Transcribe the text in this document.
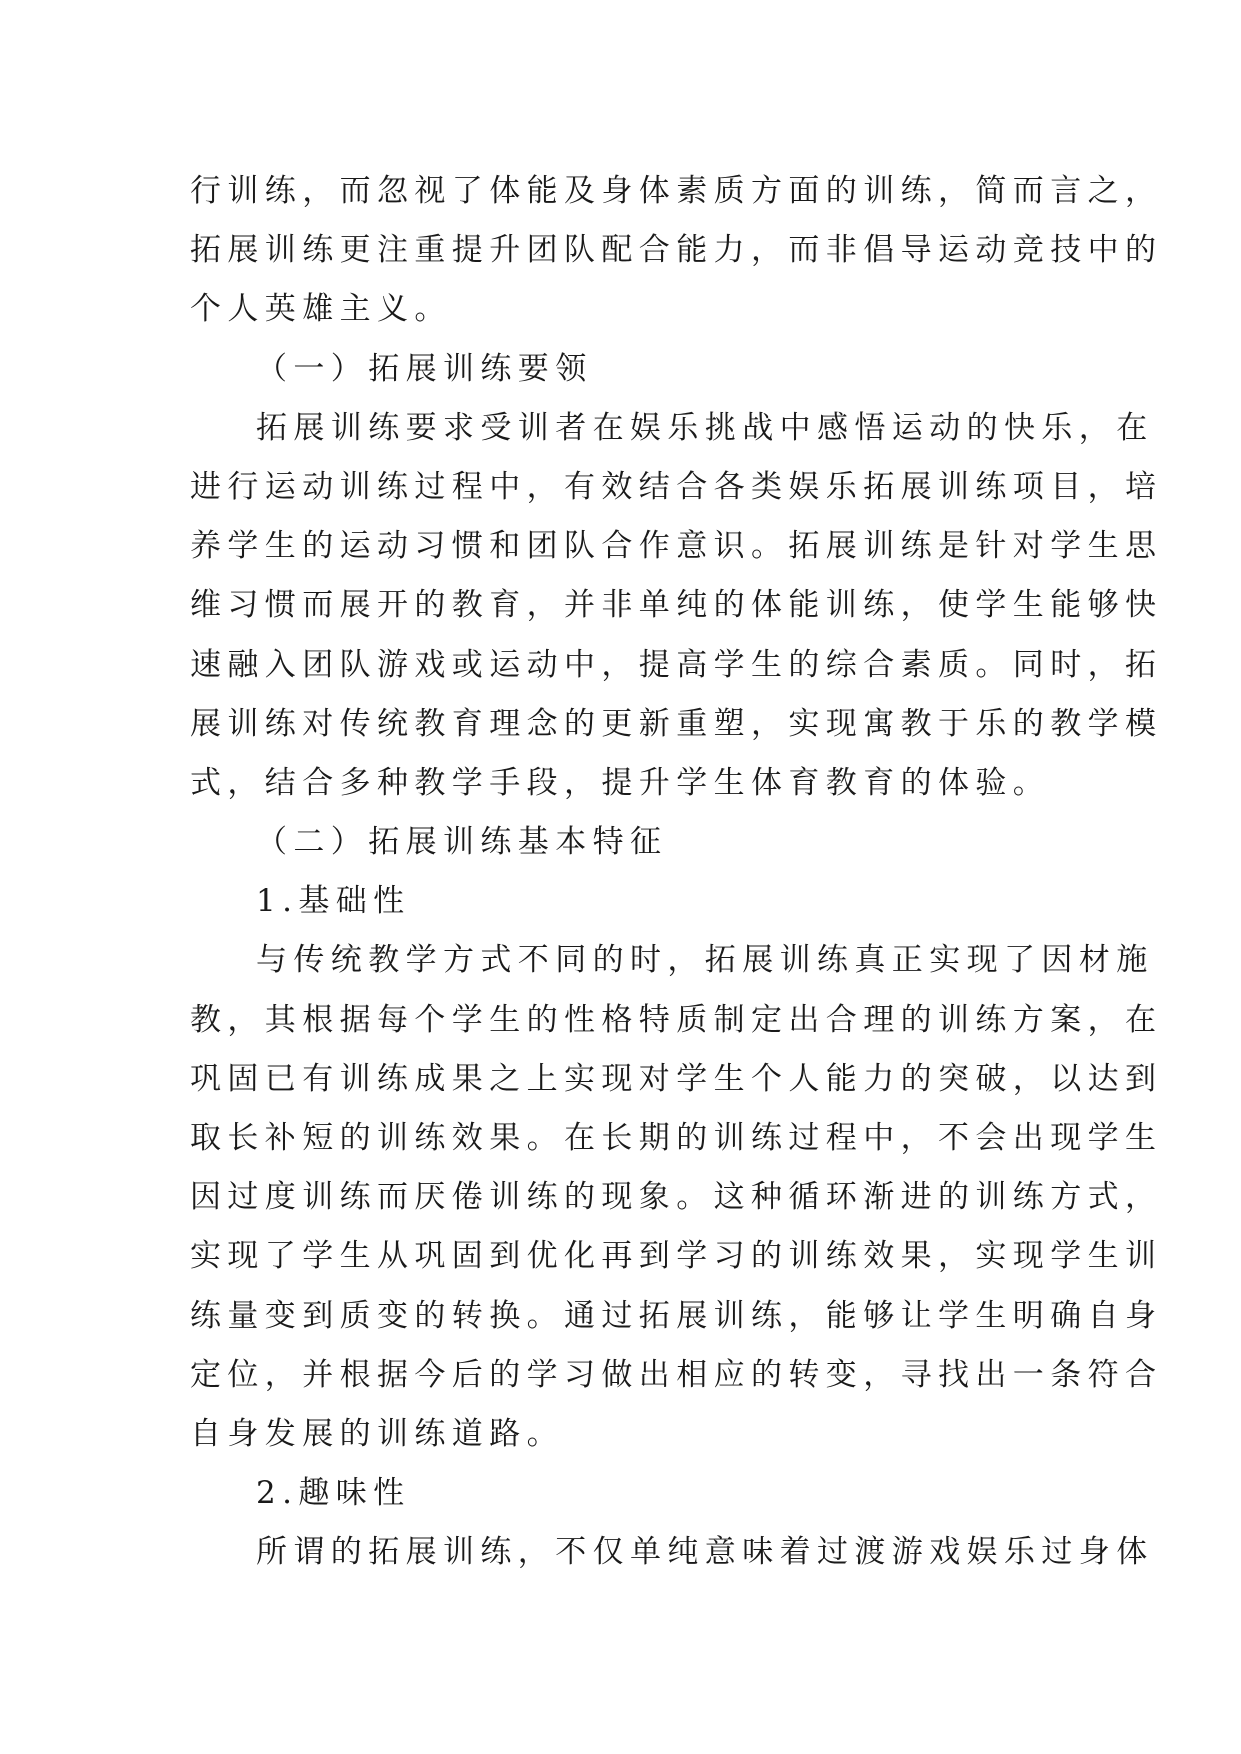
行训练，而忽视了体能及身体素质方面的训练，简而言之，
拓展训练更注重提升团队配合能力，而非倡导运动竞技中的
个人英雄主义。
（一）拓展训练要领
拓展训练要求受训者在娱乐挑战中感悟运动的快乐，在
进行运动训练过程中，有效结合各类娱乐拓展训练项目，培
养学生的运动习惯和团队合作意识。拓展训练是针对学生思
维习惯而展开的教育，并非单纯的体能训练，使学生能够快
速融入团队游戏或运动中，提高学生的综合素质。同时，拓
展训练对传统教育理念的更新重塑，实现寓教于乐的教学模
式，结合多种教学手段，提升学生体育教育的体验。
（二）拓展训练基本特征
1.基础性
与传统教学方式不同的时，拓展训练真正实现了因材施
教，其根据每个学生的性格特质制定出合理的训练方案，在
巩固已有训练成果之上实现对学生个人能力的突破，以达到
取长补短的训练效果。在长期的训练过程中，不会出现学生
因过度训练而厌倦训练的现象。这种循环渐进的训练方式，
实现了学生从巩固到优化再到学习的训练效果，实现学生训
练量变到质变的转换。通过拓展训练，能够让学生明确自身
定位，并根据今后的学习做出相应的转变，寻找出一条符合
自身发展的训练道路。
2.趣味性
所谓的拓展训练，不仅单纯意味着过渡游戏娱乐过身体
